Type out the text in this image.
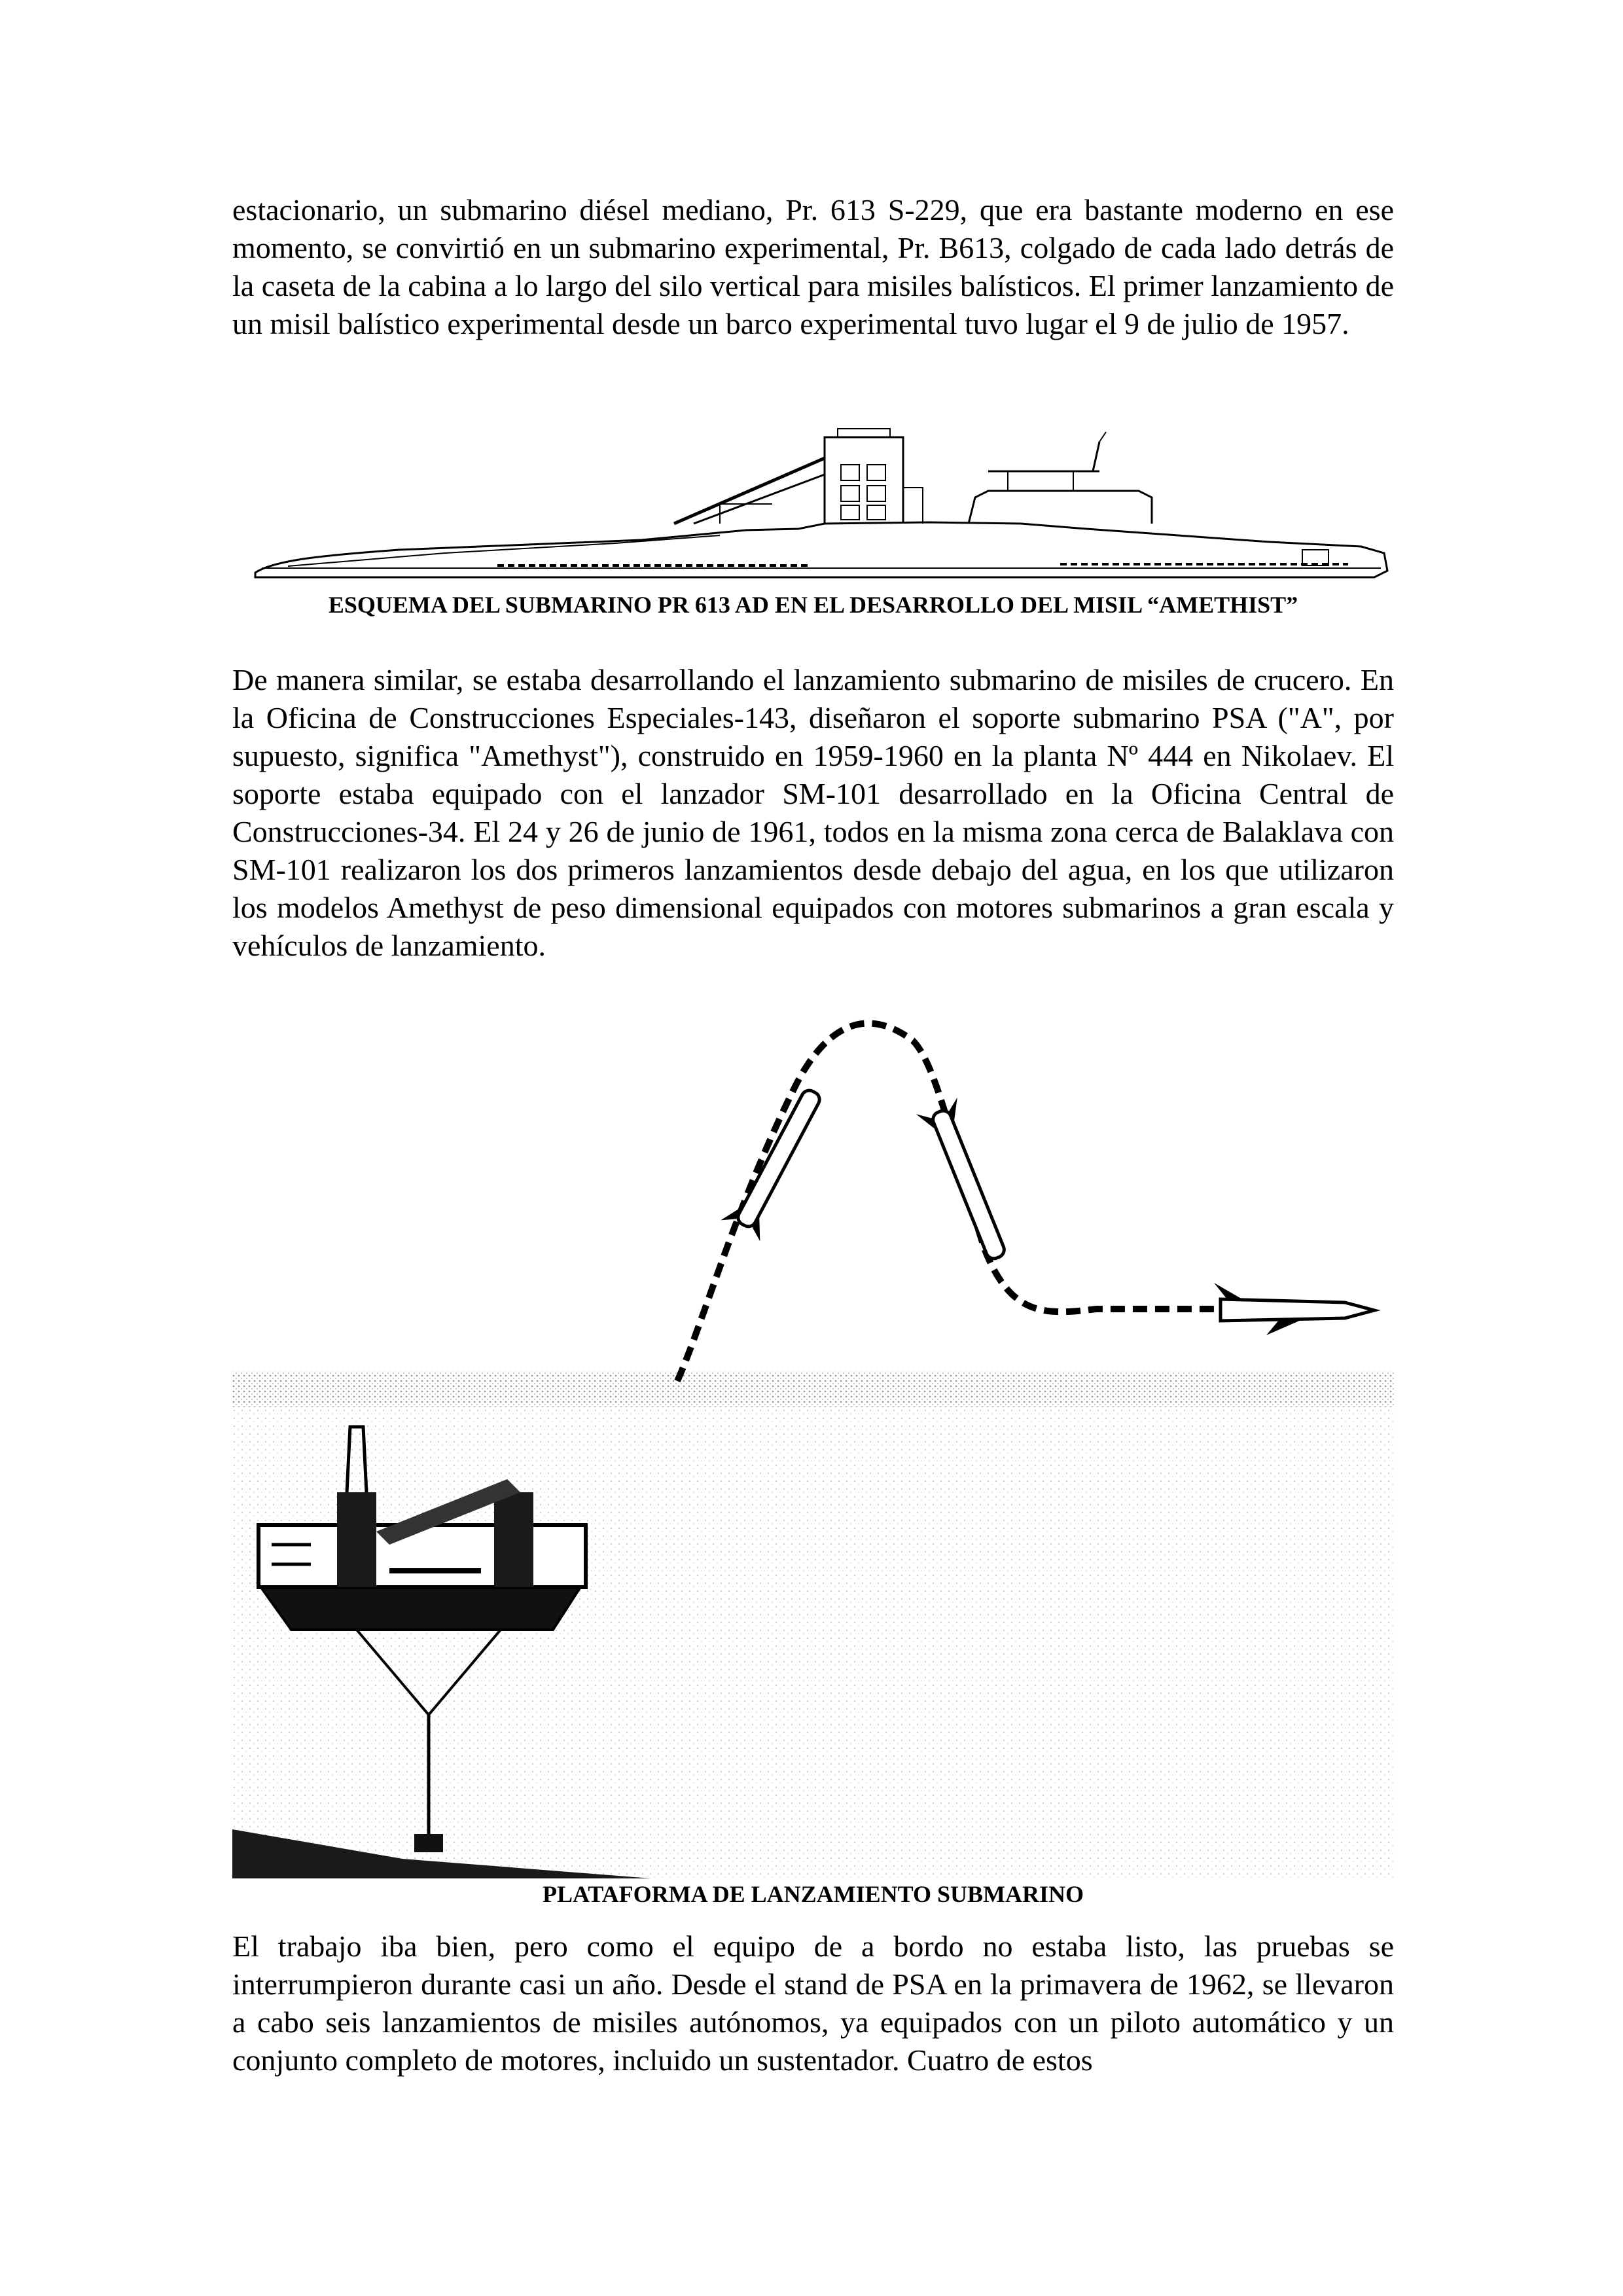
estacionario, un submarino diésel mediano, Pr. 613 S-229, que era bastante moderno en ese momento, se convirtió en un submarino experimental, Pr. B613, colgado de cada lado detrás de la caseta de la cabina a lo largo del silo vertical para misiles balísticos. El primer lanzamiento de un misil balístico experimental desde un barco experimental tuvo lugar el 9 de julio de 1957.

ESQUEMA DEL SUBMARINO PR 613 AD EN EL DESARROLLO DEL MISIL “AMETHIST”

De manera similar, se estaba desarrollando el lanzamiento submarino de misiles de crucero. En la Oficina de Construcciones Especiales-143, diseñaron el soporte submarino PSA ("A", por supuesto, significa "Amethyst"), construido en 1959-1960 en la planta Nº 444 en Nikolaev. El soporte estaba equipado con el lanzador SM-101 desarrollado en la Oficina Central de Construcciones-34. El 24 y 26 de junio de 1961, todos en la misma zona cerca de Balaklava con SM-101 realizaron los dos primeros lanzamientos desde debajo del agua, en los que utilizaron los modelos Amethyst de peso dimensional equipados con motores submarinos a gran escala y vehículos de lanzamiento.

PLATAFORMA DE LANZAMIENTO SUBMARINO

El trabajo iba bien, pero como el equipo de a bordo no estaba listo, las pruebas se interrumpieron durante casi un año. Desde el stand de PSA en la primavera de 1962, se llevaron a cabo seis lanzamientos de misiles autónomos, ya equipados con un piloto automático y un conjunto completo de motores, incluido un sustentador. Cuatro de estos
